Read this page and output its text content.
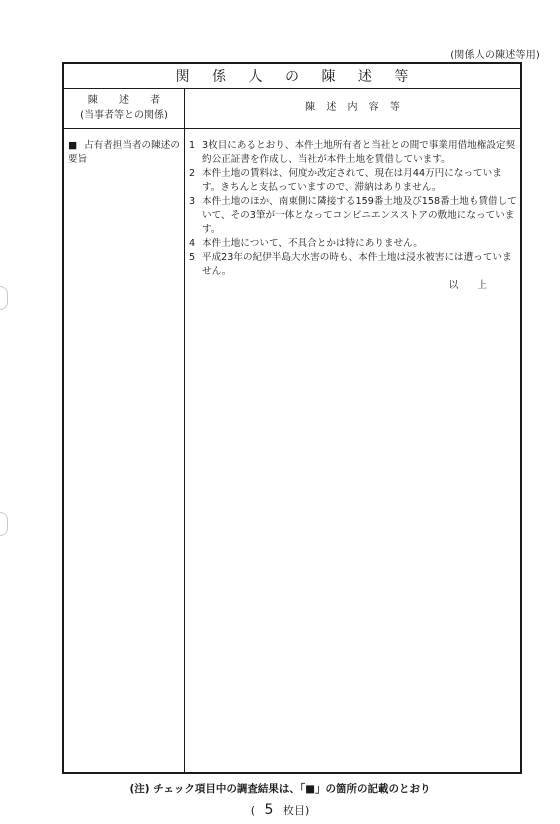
(関係人の陳述等用)
関 係 人 の 陳 述 等
陳 述 者
(当事者等との関係)
陳 述 内 容 等
■ 占有者担当者の陳述の要旨
1 3枚目にあるとおり、本件土地所有者と当社との間で事業用借地権設定契約公正証書を作成し、当社が本件土地を賃借しています。
2 本件土地の賃料は、何度か改定されて、現在は月44万円になっています。きちんと支払っていますので、滞納はありません。
3 本件土地のほか、南東側に隣接する159番土地及び158番土地も賃借していて、その3筆が一体となってコンビニエンスストアの敷地になっています。
4 本件土地について、不具合とかは特にありません。
5 平成23年の紀伊半島大水害の時も、本件土地は浸水被害には遭っていません。
以 上
(注) チェック項目中の調査結果は、「■」の箇所の記載のとおり
( 5 枚目)
